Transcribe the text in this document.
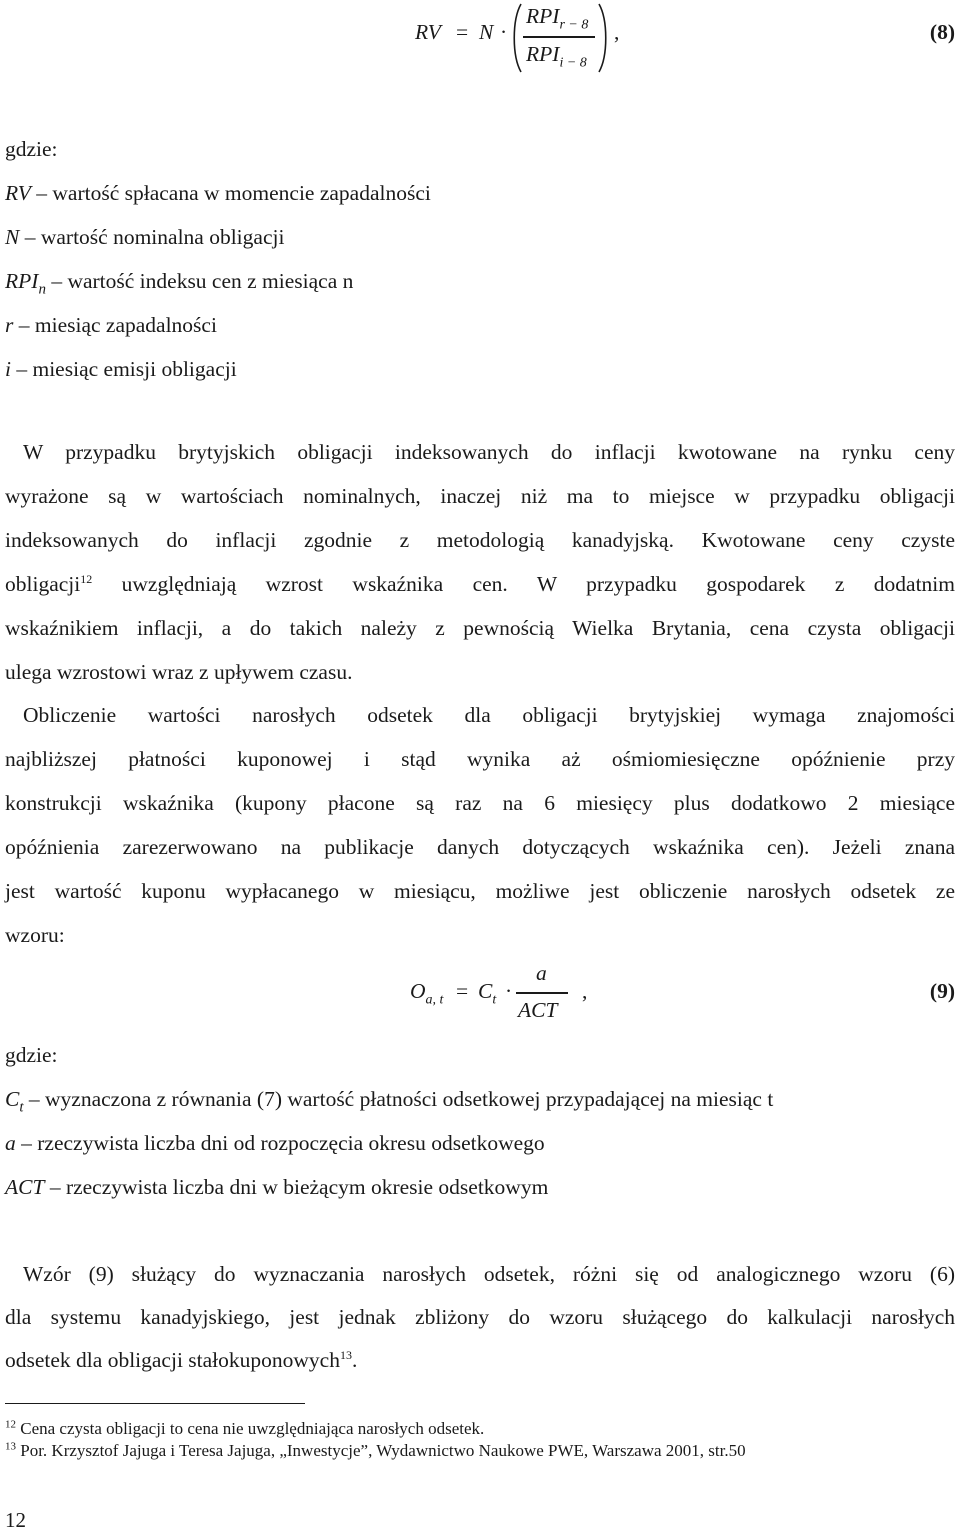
RV = N ·
$RPI_{r - 8}$
$RPI_{i - 8}$
,	(8)
gdzie:
RV – wartość spłacana w momencie zapadalności
N – wartość nominalna obligacji
$RPI_n$ – wartość indeksu cen z miesiąca n
r – miesiąc zapadalności
i – miesiąc emisji obligacji
W przypadku brytyjskich obligacji indeksowanych do inflacji kwotowane na rynku ceny
wyrażone są w wartościach nominalnych, inaczej niż ma to miejsce w przypadku obligacji
indeksowanych do inflacji zgodnie z metodologią kanadyjską. Kwotowane ceny czyste
obligacji$^{12}$ uwzględniają wzrost wskaźnika cen. W przypadku gospodarek z dodatnim
wskaźnikiem inflacji, a do takich należy z pewnością Wielka Brytania, cena czysta obligacji
ulega wzrostowi wraz z upływem czasu.
Obliczenie wartości narosłych odsetek dla obligacji brytyjskiej wymaga znajomości
najbliższej płatności kuponowej i stąd wynika aż ośmiomiesięczne opóźnienie przy
konstrukcji wskaźnika (kupony płacone są raz na 6 miesięcy plus dodatkowo 2 miesiące
opóźnienia zarezerwowano na publikacje danych dotyczących wskaźnika cen). Jeżeli znana
jest wartość kuponu wypłacanego w miesiącu, możliwe jest obliczenie narosłych odsetek ze
wzoru:
$O_{a, t} = C_t$ ·
a
ACT
,	(9)
gdzie:
$C_t$ – wyznaczona z równania (7) wartość płatności odsetkowej przypadającej na miesiąc t
a – rzeczywista liczba dni od rozpoczęcia okresu odsetkowego
ACT – rzeczywista liczba dni w bieżącym okresie odsetkowym
Wzór (9) służący do wyznaczania narosłych odsetek, różni się od analogicznego wzoru (6)
dla systemu kanadyjskiego, jest jednak zbliżony do wzoru służącego do kalkulacji narosłych
odsetek dla obligacji stałokuponowych$^{13}$.
$^{12}$ Cena czysta obligacji to cena nie uwzględniająca narosłych odsetek.
$^{13}$ Por. Krzysztof Jajuga i Teresa Jajuga, „Inwestycje”, Wydawnictwo Naukowe PWE, Warszawa 2001, str.50
12
